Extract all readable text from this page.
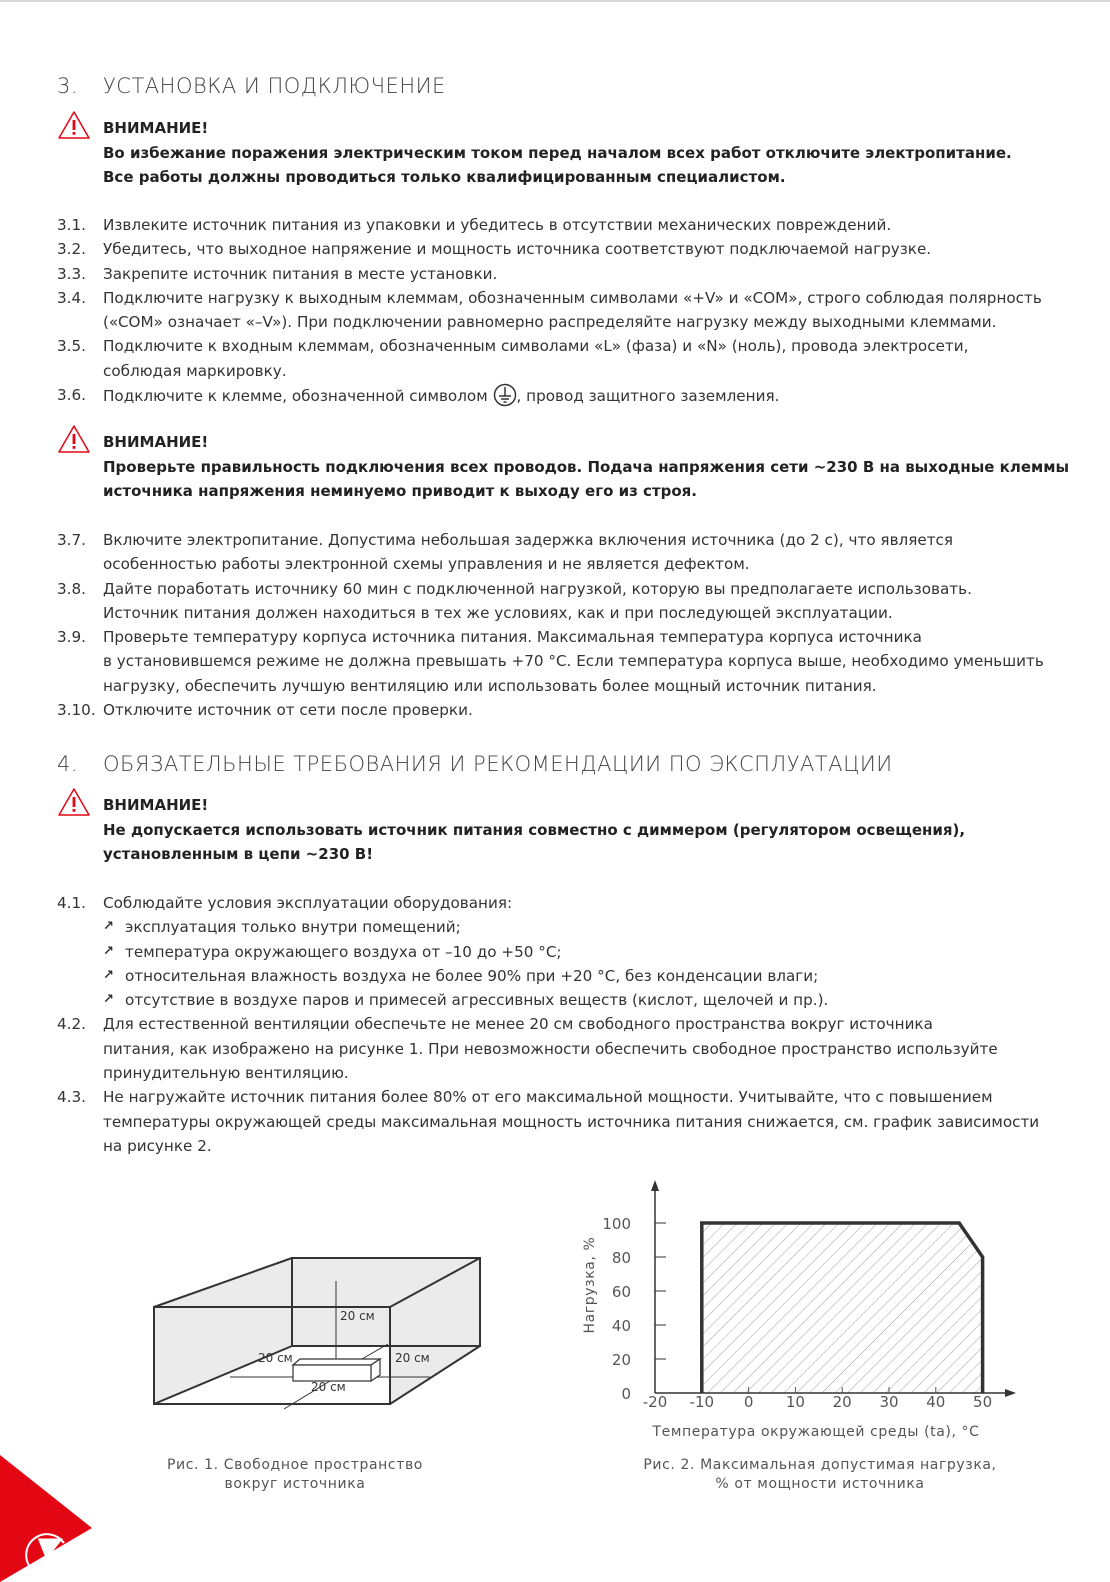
3. УСТАНОВКА И ПОДКЛЮЧЕНИЕ
ВНИМАНИЕ!
Во избежание поражения электрическим током перед началом всех работ отключите электропитание.
Все работы должны проводиться только квалифицированным специалистом.
3.1. Извлеките источник питания из упаковки и убедитесь в отсутствии механических повреждений.
3.2. Убедитесь, что выходное напряжение и мощность источника соответствуют подключаемой нагрузке.
3.3. Закрепите источник питания в месте установки.
3.4. Подключите нагрузку к выходным клеммам, обозначенным символами «+V» и «COM», строго соблюдая полярность
(«COM» означает «–V»). При подключении равномерно распределяйте нагрузку между выходными клеммами.
3.5. Подключите к входным клеммам, обозначенным символами «L» (фаза) и «N» (ноль), провода электросети,
соблюдая маркировку.
3.6. Подключите к клемме, обозначенной символом , провод защитного заземления.
ВНИМАНИЕ!
Проверьте правильность подключения всех проводов. Подача напряжения сети ~230 В на выходные клеммы
источника напряжения неминуемо приводит к выходу его из строя.
3.7. Включите электропитание. Допустима небольшая задержка включения источника (до 2 с), что является
особенностью работы электронной схемы управления и не является дефектом.
3.8. Дайте поработать источнику 60 мин с подключенной нагрузкой, которую вы предполагаете использовать.
Источник питания должен находиться в тех же условиях, как и при последующей эксплуатации.
3.9. Проверьте температуру корпуса источника питания. Максимальная температура корпуса источника
в установившемся режиме не должна превышать +70 °C. Если температура корпуса выше, необходимо уменьшить
нагрузку, обеспечить лучшую вентиляцию или использовать более мощный источник питания.
3.10. Отключите источник от сети после проверки.
4. ОБЯЗАТЕЛЬНЫЕ ТРЕБОВАНИЯ И РЕКОМЕНДАЦИИ ПО ЭКСПЛУАТАЦИИ
ВНИМАНИЕ!
Не допускается использовать источник питания совместно с диммером (регулятором освещения),
установленным в цепи ~230 В!
4.1. Соблюдайте условия эксплуатации оборудования:
↗ эксплуатация только внутри помещений;
↗ температура окружающего воздуха от –10 до +50 °C;
↗ относительная влажность воздуха не более 90% при +20 °C, без конденсации влаги;
↗ отсутствие в воздухе паров и примесей агрессивных веществ (кислот, щелочей и пр.).
4.2. Для естественной вентиляции обеспечьте не менее 20 см свободного пространства вокруг источника
питания, как изображено на рисунке 1. При невозможности обеспечить свободное пространство используйте
принудительную вентиляцию.
4.3. Не нагружайте источник питания более 80% от его максимальной мощности. Учитывайте, что с повышением
температуры окружающей среды максимальная мощность источника питания снижается, см. график зависимости
на рисунке 2.
20 см
20 см	20 см
20 см
Рис. 1. Свободное пространство
вокруг источника
0
20
40
60
80
100
-20 -10 0 10 20 30 40 50
Температура окружающей среды (ta), °C
Нагрузка, %
Рис. 2. Максимальная допустимая нагрузка,
% от мощности источника
